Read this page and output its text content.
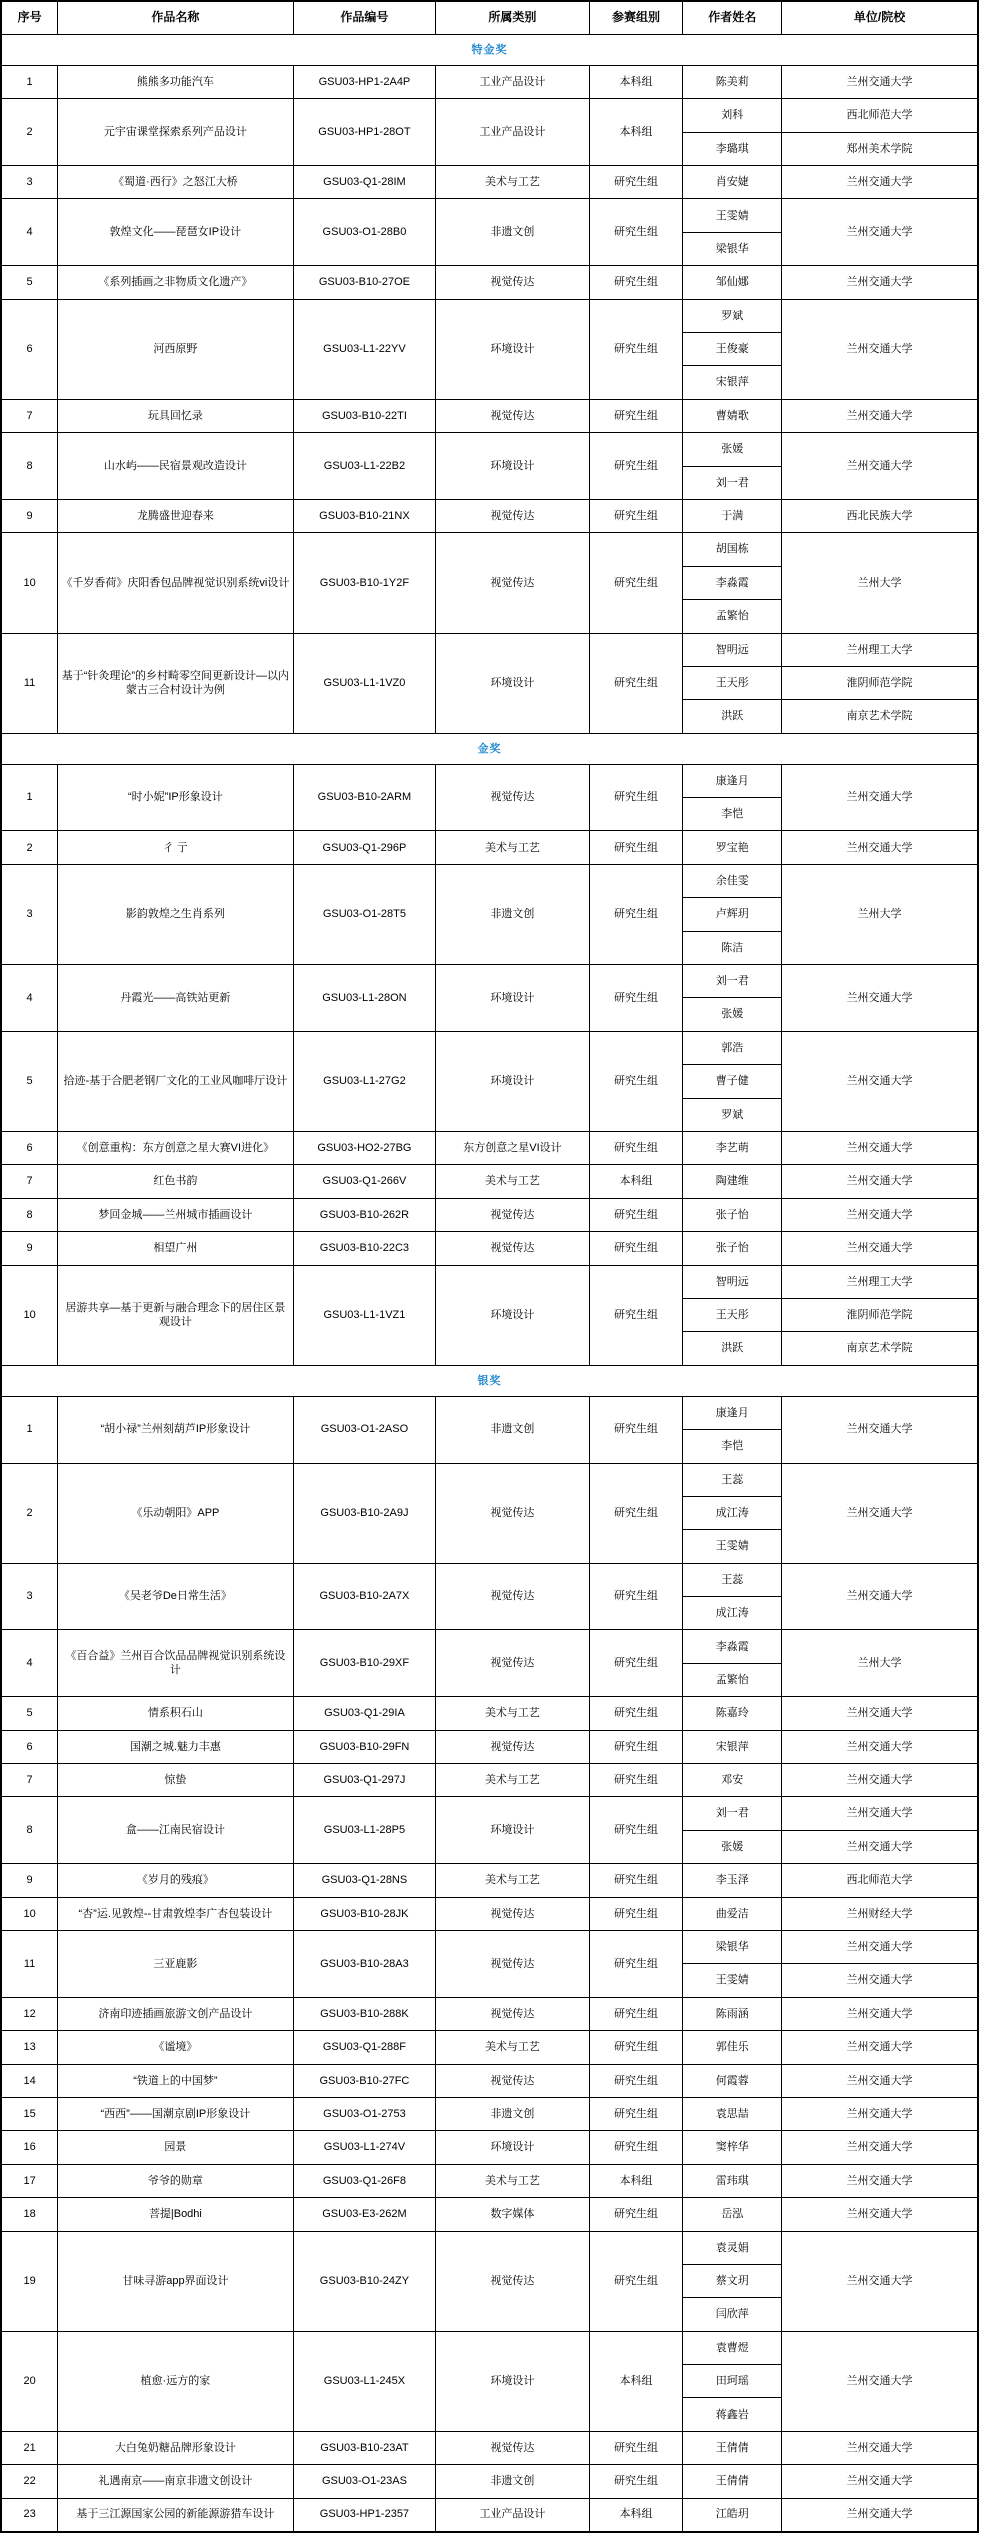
序号	作品名称	作品编号	所属类别	参赛组别	作者姓名	单位/院校
特金奖						
1	熊熊多功能汽车	GSU03-HP1-2A4P	工业产品设计	本科组	陈美莉	兰州交通大学
2	元宇宙课堂探索系列产品设计	GSU03-HP1-28OT	工业产品设计	本科组	刘科	西北师范大学
					李璐琪	郑州美术学院
3	《蜀道·西行》之怒江大桥	GSU03-Q1-28IM	美术与工艺	研究生组	肖安婕	兰州交通大学
4	敦煌文化——琵琶女IP设计	GSU03-O1-28B0	非遗文创	研究生组	王雯婧	兰州交通大学
					梁银华	
5	《系列插画之非物质文化遗产》	GSU03-B10-27OE	视觉传达	研究生组	邹仙娜	兰州交通大学
6	河西原野	GSU03-L1-22YV	环境设计	研究生组	罗斌	兰州交通大学
					王俊豪	
					宋银萍	
7	玩具回忆录	GSU03-B10-22TI	视觉传达	研究生组	曹婧歌	兰州交通大学
8	山水屿——民宿景观改造设计	GSU03-L1-22B2	环境设计	研究生组	张媛	兰州交通大学
					刘一君	
9	龙腾盛世迎春来	GSU03-B10-21NX	视觉传达	研究生组	于满	西北民族大学
10	《千岁香荷》庆阳香包品牌视觉识别系统vi设计	GSU03-B10-1Y2F	视觉传达	研究生组	胡国栋	兰州大学
					李淼霞	
					孟繁怡	
11	基于“针灸理论”的乡村畸零空间更新设计—以内蒙古三合村设计为例	GSU03-L1-1VZ0	环境设计	研究生组	智明远	兰州理工大学
					王天彤	淮阴师范学院
					洪跃	南京艺术学院
金奖						
1	“时小妮”IP形象设计	GSU03-B10-2ARM	视觉传达	研究生组	康逢月	兰州交通大学
					李恺	
2	彳 亍	GSU03-Q1-296P	美术与工艺	研究生组	罗宝艳	兰州交通大学
3	影韵敦煌之生肖系列	GSU03-O1-28T5	非遗文创	研究生组	余佳雯	兰州大学
					卢辉玥	
					陈洁	
4	丹霞光——高铁站更新	GSU03-L1-28ON	环境设计	研究生组	刘一君	兰州交通大学
					张媛	
5	拾迹-基于合肥老钢厂文化的工业风咖啡厅设计	GSU03-L1-27G2	环境设计	研究生组	郭浩	兰州交通大学
					曹子健	
					罗斌	
6	《创意重构：东方创意之星大赛VI进化》	GSU03-HO2-27BG	东方创意之星VI设计	研究生组	李艺萌	兰州交通大学
7	红色书韵	GSU03-Q1-266V	美术与工艺	本科组	陶建维	兰州交通大学
8	梦回金城——兰州城市插画设计	GSU03-B10-262R	视觉传达	研究生组	张子怡	兰州交通大学
9	相望广州	GSU03-B10-22C3	视觉传达	研究生组	张子怡	兰州交通大学
10	居游共享—基于更新与融合理念下的居住区景观设计	GSU03-L1-1VZ1	环境设计	研究生组	智明远	兰州理工大学
					王天彤	淮阴师范学院
					洪跃	南京艺术学院
银奖						
1	“胡小禄”兰州刻葫芦IP形象设计	GSU03-O1-2ASO	非遗文创	研究生组	康逢月	兰州交通大学
					李恺	
2	《乐动朝阳》APP	GSU03-B10-2A9J	视觉传达	研究生组	王蕊	兰州交通大学
					成江涛	
					王雯婧	
3	《吴老爷De日常生活》	GSU03-B10-2A7X	视觉传达	研究生组	王蕊	兰州交通大学
					成江涛	
4	《百合益》兰州百合饮品品牌视觉识别系统设计	GSU03-B10-29XF	视觉传达	研究生组	李淼霞	兰州大学
					孟繁怡	
5	情系积石山	GSU03-Q1-29IA	美术与工艺	研究生组	陈嘉玲	兰州交通大学
6	国潮之城.魅力丰惠	GSU03-B10-29FN	视觉传达	研究生组	宋银萍	兰州交通大学
7	惊蛰	GSU03-Q1-297J	美术与工艺	研究生组	邓安	兰州交通大学
8	盒——江南民宿设计	GSU03-L1-28P5	环境设计	研究生组	刘一君	兰州交通大学
					张媛	兰州交通大学
9	《岁月的残痕》	GSU03-Q1-28NS	美术与工艺	研究生组	李玉泽	西北师范大学
10	“杏”运.见敦煌--甘肃敦煌李广杏包装设计	GSU03-B10-28JK	视觉传达	研究生组	曲爱洁	兰州财经大学
11	三亚鹿影	GSU03-B10-28A3	视觉传达	研究生组	梁银华	兰州交通大学
					王雯婧	兰州交通大学
12	济南印迹插画旅游文创产品设计	GSU03-B10-288K	视觉传达	研究生组	陈雨涵	兰州交通大学
13	《谧境》	GSU03-Q1-288F	美术与工艺	研究生组	郭佳乐	兰州交通大学
14	“铁道上的中国梦”	GSU03-B10-27FC	视觉传达	研究生组	何霞蓉	兰州交通大学
15	“西西”——国潮京剧IP形象设计	GSU03-O1-2753	非遗文创	研究生组	袁思喆	兰州交通大学
16	园景	GSU03-L1-274V	环境设计	研究生组	窦梓华	兰州交通大学
17	爷爷的勋章	GSU03-Q1-26F8	美术与工艺	本科组	雷玮琪	兰州交通大学
18	菩提|Bodhi	GSU03-E3-262M	数字媒体	研究生组	岳泓	兰州交通大学
19	甘味寻游app界面设计	GSU03-B10-24ZY	视觉传达	研究生组	袁灵娟	兰州交通大学
					蔡文玥	
					闫欣萍	
20	植愈·远方的家	GSU03-L1-245X	环境设计	本科组	袁曹煜	兰州交通大学
					田珂瑶	
					蒋鑫岩	
21	大白兔奶糖品牌形象设计	GSU03-B10-23AT	视觉传达	研究生组	王倩倩	兰州交通大学
22	礼遇南京——南京非遗文创设计	GSU03-O1-23AS	非遗文创	研究生组	王倩倩	兰州交通大学
23	基于三江源国家公园的新能源游猎车设计	GSU03-HP1-2357	工业产品设计	本科组	江皓玥	兰州交通大学
